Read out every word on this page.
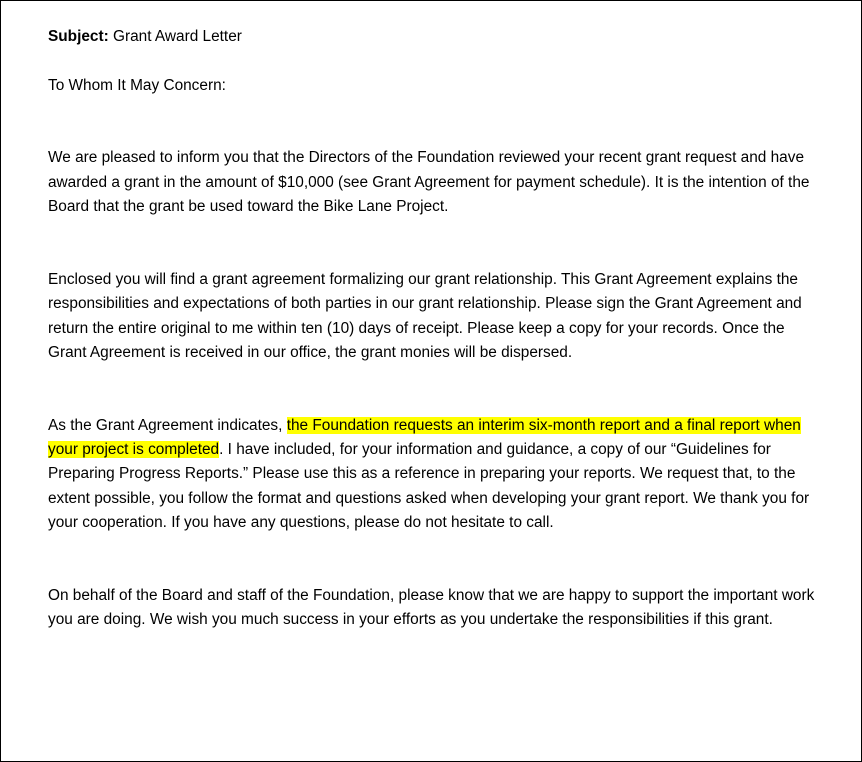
Subject: Grant Award Letter

To Whom It May Concern:

We are pleased to inform you that the Directors of the Foundation reviewed your recent grant request and have awarded a grant in the amount of $10,000 (see Grant Agreement for payment schedule). It is the intention of the Board that the grant be used toward the Bike Lane Project.

Enclosed you will find a grant agreement formalizing our grant relationship. This Grant Agreement explains the responsibilities and expectations of both parties in our grant relationship. Please sign the Grant Agreement and return the entire original to me within ten (10) days of receipt. Please keep a copy for your records. Once the Grant Agreement is received in our office, the grant monies will be dispersed.

As the Grant Agreement indicates, the Foundation requests an interim six-month report and a final report when your project is completed. I have included, for your information and guidance, a copy of our “Guidelines for Preparing Progress Reports.” Please use this as a reference in preparing your reports. We request that, to the extent possible, you follow the format and questions asked when developing your grant report. We thank you for your cooperation. If you have any questions, please do not hesitate to call.

On behalf of the Board and staff of the Foundation, please know that we are happy to support the important work you are doing. We wish you much success in your efforts as you undertake the responsibilities if this grant.
